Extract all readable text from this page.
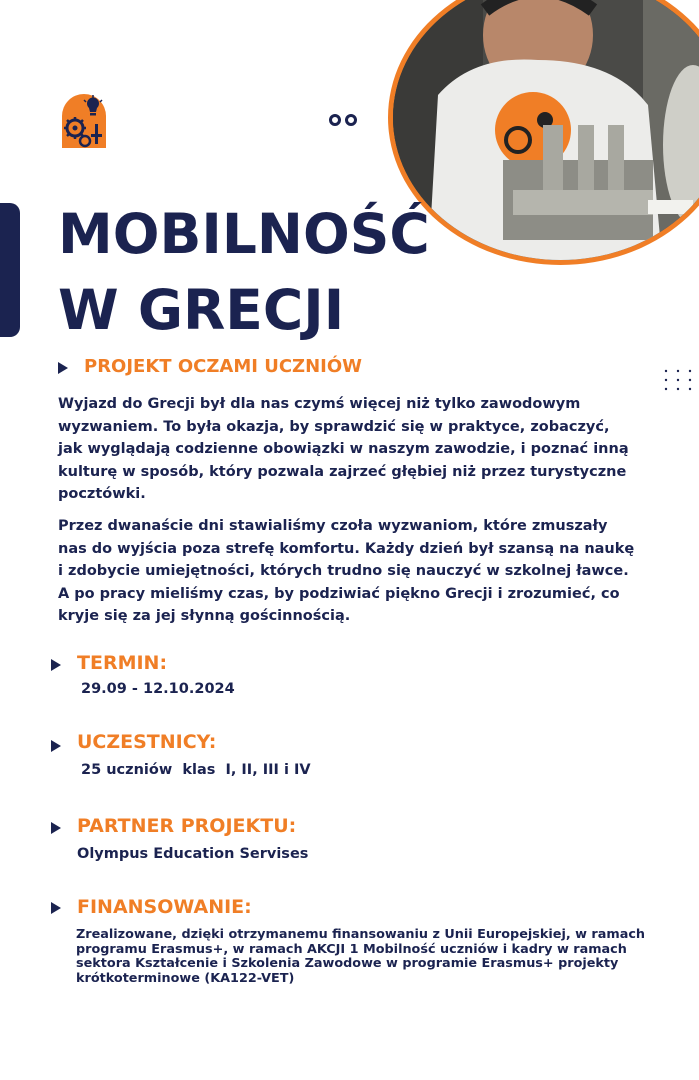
MOBILNOŚĆ
W GRECJI
PROJEKT OCZAMI UCZNIÓW

Wyjazd do Grecji był dla nas czymś więcej niż tylko zawodowym wyzwaniem. To była okazja, by sprawdzić się w praktyce, zobaczyć, jak wyglądają codzienne obowiązki w naszym zawodzie, i poznać inną kulturę w sposób, który pozwala zajrzeć głębiej niż przez turystyczne pocztówki.

Przez dwanaście dni stawialiśmy czoła wyzwaniom, które zmuszały nas do wyjścia poza strefę komfortu. Każdy dzień był szansą na naukę i zdobycie umiejętności, których trudno się nauczyć w szkolnej ławce. A po pracy mieliśmy czas, by podziwiać piękno Grecji i zrozumieć, co kryje się za jej słynną gościnnością.

TERMIN:

29.09 - 12.10.2024

UCZESTNICY:

25 uczniów  klas  I, II, III i IV

PARTNER PROJEKTU:

Olympus Education Servises

FINANSOWANIE:

Zrealizowane, dzięki otrzymanemu finansowaniu z Unii Europejskiej, w ramach programu Erasmus+, w ramach AKCJI 1 Mobilność uczniów i kadry w ramach sektora Kształcenie i Szkolenia Zawodowe w programie Erasmus+ projekty krótkoterminowe (KA122-VET)
